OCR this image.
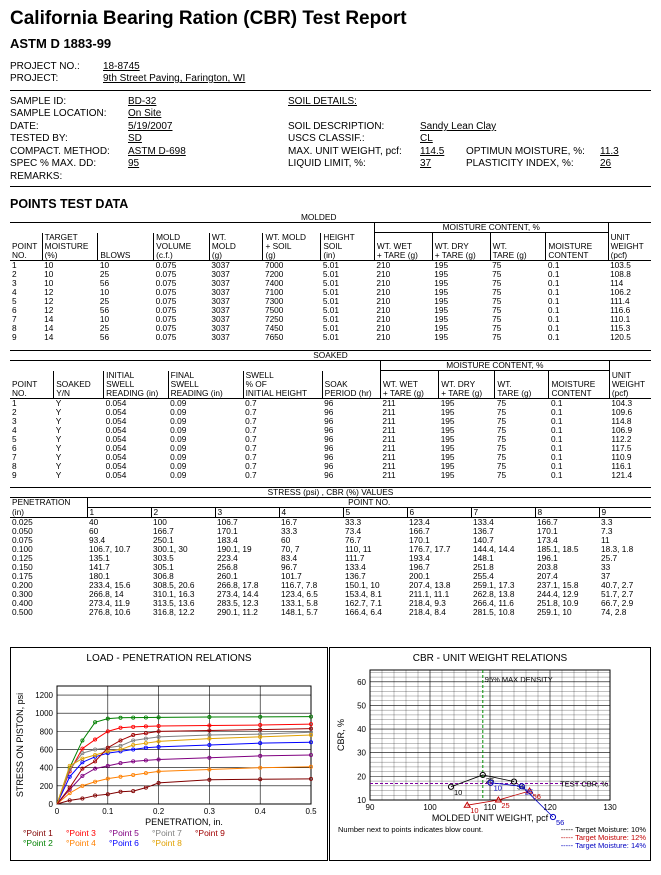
California Bearing Ration (CBR) Test Report
ASTM D 1883-99
PROJECT NO.: 18-8745
PROJECT:	9th Street Paving, Farington, WI
SAMPLE ID:	BD-32
SAMPLE LOCATION: On Site
DATE:	5/19/2007
TESTED BY:	SD
COMPACT. METHOD: ASTM D-698
SPEC % MAX. DD:	95
REMARKS:
SOIL DETAILS:
SOIL DESCRIPTION:	Sandy Lean Clay
USCS CLASSIF.:	CL
MAX. UNIT WEIGHT, pcf: 114.5 OPTIMUN MOISTURE, %: 11.3
LIQUID LIMIT, %:	37	PLASTICITY INDEX, %:	26
POINTS TEST DATA
					MOLDED						
							MOISTURE CONTENT, %				
POINT
NO.	TARGET
MOISTURE
(%)	BLOWS	MOLD
VOLUME
(c.f.)	WT.
MOLD
(g)	WT. MOLD
+ SOIL
(g)	HEIGHT
SOIL
(in)	WT. WET
+ TARE (g)	WT. DRY
+ TARE (g)	WT.
TARE (g)	MOISTURE
CONTENT	UNIT
WEIGHT
(pcf)
1	10	10	0.075	3037	7000	5.01	210	195	75	0.1	103.5
2	10	25	0.075	3037	7200	5.01	210	195	75	0.1	108.8
3	10	56	0.075	3037	7400	5.01	210	195	75	0.1	114
4	12	10	0.075	3037	7100	5.01	210	195	75	0.1	106.2
5	12	25	0.075	3037	7300	5.01	210	195	75	0.1	111.4
6	12	56	0.075	3037	7500	5.01	210	195	75	0.1	116.6
7	14	10	0.075	3037	7250	5.01	210	195	75	0.1	110.1
8	14	25	0.075	3037	7450	5.01	210	195	75	0.1	115.3
9	14	56	0.075	3037	7650	5.01	210	195	75	0.1	120.5
SOAKED										
						MOISTURE CONTENT, %				
POINT
NO.	SOAKED
Y/N	INITIAL
SWELL
READING (in)	FINAL
SWELL
READING (in)	SWELL
% OF
INITIAL HEIGHT	SOAK
PERIOD (hr)	WT. WET
+ TARE (g)	WT. DRY
+ TARE (g)	WT.
TARE (g)	MOISTURE
CONTENT	UNIT
WEIGHT
(pcf)
1	Y	0.054	0.09	0.7	96	211	195	75	0.1	104.3
2	Y	0.054	0.09	0.7	96	211	195	75	0.1	109.6
3	Y	0.054	0.09	0.7	96	211	195	75	0.1	114.8
4	Y	0.054	0.09	0.7	96	211	195	75	0.1	106.9
5	Y	0.054	0.09	0.7	96	211	195	75	0.1	112.2
6	Y	0.054	0.09	0.7	96	211	195	75	0.1	117.5
7	Y	0.054	0.09	0.7	96	211	195	75	0.1	110.9
8	Y	0.054	0.09	0.7	96	211	195	75	0.1	116.1
9	Y	0.054	0.09	0.7	96	211	195	75	0.1	121.4
STRESS (psi) , CBR (%) VALUES									
PENETRATION	POINT NO.								
(in)	1	2	3	4	5	6	7	8	9
0.025	40	100	106.7	16.7	33.3	123.4	133.4	166.7	3.3
0.050	60	166.7	170.1	33.3	73.4	166.7	136.7	170.1	7.3
0.075	93.4	250.1	183.4	60	76.7	170.1	140.7	173.4	11
0.100	106.7, 10.7	300.1, 30	190.1, 19	70, 7	110, 11	176.7, 17.7	144.4, 14.4	185.1, 18.5	18.3, 1.8
0.125	135.1	303.5	223.4	83.4	111.7	193.4	148.1	196.1	25.7
0.150	141.7	305.1	256.8	96.7	133.4	196.7	251.8	203.8	33
0.175	180.1	306.8	260.1	101.7	136.7	200.1	255.4	207.4	37
0.200	233.4, 15.6	308.5, 20.6	266.8, 17.8	116.7, 7.8	150.1, 10	207.4, 13.8	259.1, 17.3	237.1, 15.8	40.7, 2.7
0.300	266.8, 14	310.1, 16.3	273.4, 14.4	123.4, 6.5	153.4, 8.1	211.1, 11.1	262.8, 13.8	244.4, 12.9	51.7, 2.7
0.400	273.4, 11.9	313.5, 13.6	283.5, 12.3	133.1, 5.8	162.7, 7.1	218.4, 9.3	266.4, 11.6	251.8, 10.9	66.7, 2.9
0.500	276.8, 10.6	316.8, 12.2	290.1, 11.2	148.1, 5.7	166.4, 6.4	218.4, 8.4	281.5, 10.8	259.1, 10	74, 2.8
LOAD - PENETRATION RELATIONS
0	0.1	0.2	0.3	0.4	0.5
0
200
400
600
800
1000
1200
PENETRATION, in.
STRESS ON PISTON, psi
°Point 1 °Point 3 °Point 5 °Point 7 °Point 9
°Point 2 °Point 4 °Point 6 °Point 8
CBR - UNIT WEIGHT RELATIONS
90	100	110	120	130
10
20
30
40
50
60
MOLDED UNIT WEIGHT, pcf
CBR, %
95% MAX DENSITY
TEST CBR, %
10
25
56
10
25
56
10	25
56
Number next to points indicates blow count.	----- Target Moisture: 10%
----- Target Moisture: 12%
----- Target Moisture: 14%
